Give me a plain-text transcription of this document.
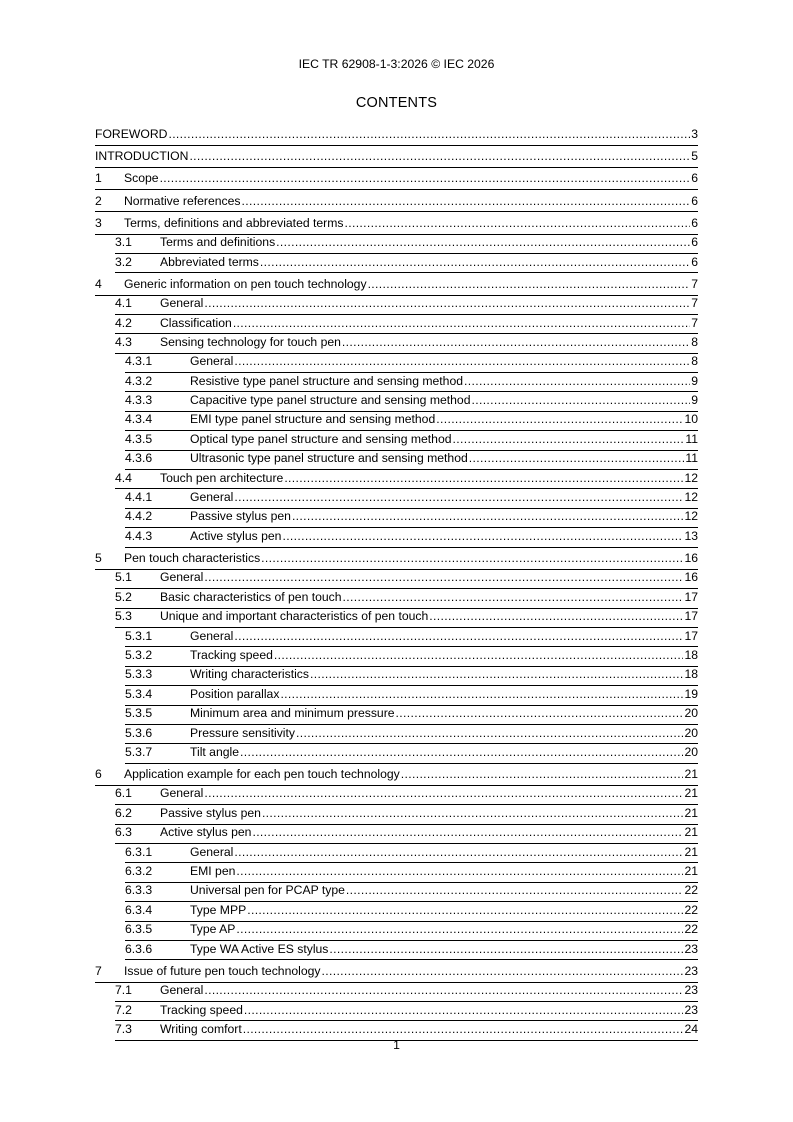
IEC TR 62908-1-3:2026 © IEC 2026
CONTENTS
FOREWORD .....	3
INTRODUCTION .....	5
1	Scope .....	6
2	Normative references .....	6
3	Terms, definitions and abbreviated terms .....	6
3.1	Terms and definitions .....	6
3.2	Abbreviated terms .....	6
4	Generic information on pen touch technology .....	7
4.1	General .....	7
4.2	Classification .....	7
4.3	Sensing technology for touch pen .....	8
4.3.1	General .....	8
4.3.2	Resistive type panel structure and sensing method .....	9
4.3.3	Capacitive type panel structure and sensing method .....	9
4.3.4	EMI type panel structure and sensing method .....	10
4.3.5	Optical type panel structure and sensing method .....	11
4.3.6	Ultrasonic type panel structure and sensing method .....	11
4.4	Touch pen architecture .....	12
4.4.1	General .....	12
4.4.2	Passive stylus pen .....	12
4.4.3	Active stylus pen .....	13
5	Pen touch characteristics .....	16
5.1	General .....	16
5.2	Basic characteristics of pen touch .....	17
5.3	Unique and important characteristics of pen touch .....	17
5.3.1	General .....	17
5.3.2	Tracking speed .....	18
5.3.3	Writing characteristics .....	18
5.3.4	Position parallax .....	19
5.3.5	Minimum area and minimum pressure .....	20
5.3.6	Pressure sensitivity .....	20
5.3.7	Tilt angle .....	20
6	Application example for each pen touch technology .....	21
6.1	General .....	21
6.2	Passive stylus pen .....	21
6.3	Active stylus pen .....	21
6.3.1	General .....	21
6.3.2	EMI pen .....	21
6.3.3	Universal pen for PCAP type .....	22
6.3.4	Type MPP .....	22
6.3.5	Type AP .....	22
6.3.6	Type WA Active ES stylus .....	23
7	Issue of future pen touch technology .....	23
7.1	General .....	23
7.2	Tracking speed .....	23
7.3	Writing comfort .....	24
1
